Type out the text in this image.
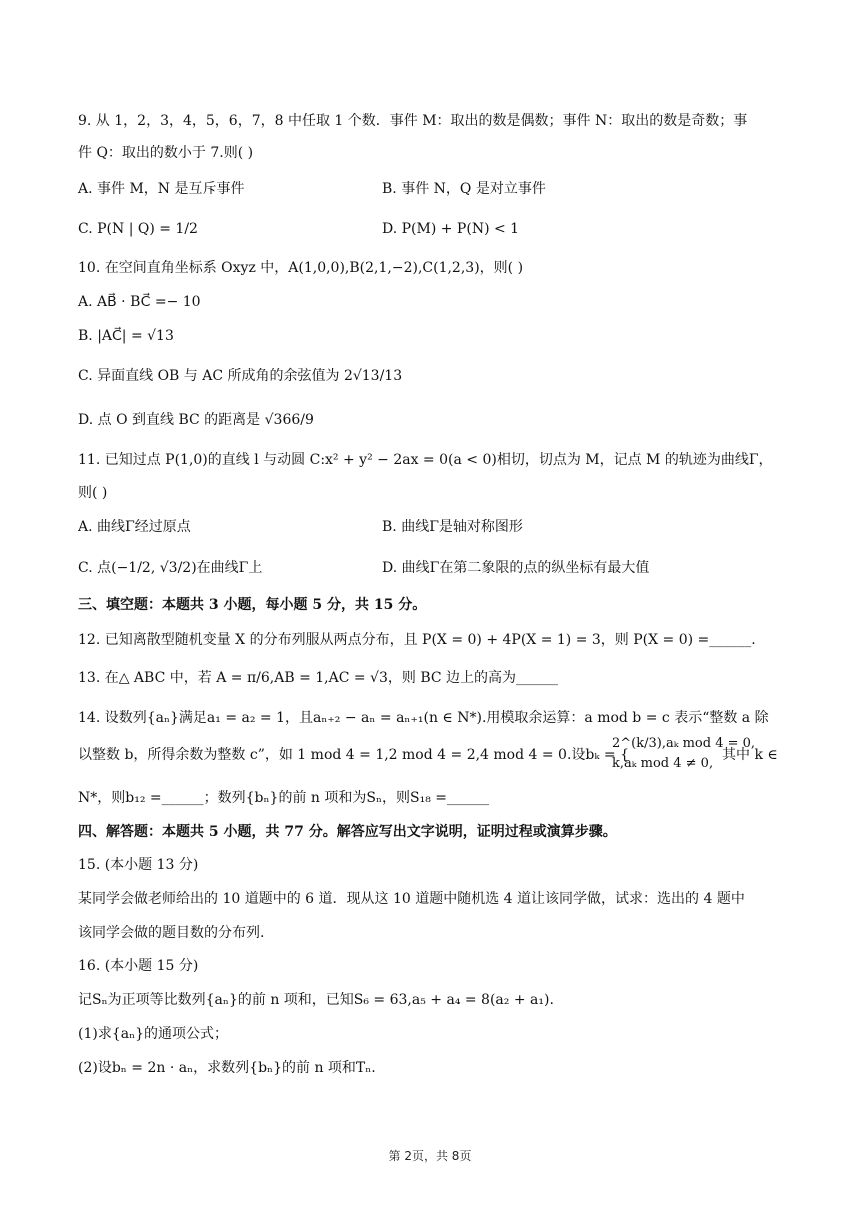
9. 从 1，2，3，4，5，6，7，8 中任取 1 个数．事件 M：取出的数是偶数；事件 N：取出的数是奇数；事
件 Q：取出的数小于 7.则( )
A. 事件 M，N 是互斥事件	B. 事件 N，Q 是对立事件
C. P(N | Q) = 1/2	D. P(M) + P(N) < 1
10. 在空间直角坐标系 Oxyz 中，A(1,0,0),B(2,1,−2),C(1,2,3)，则( )
A. AB⃗ · BC⃗ =− 10
B. |AC⃗| = √13
C. 异面直线 OB 与 AC 所成角的余弦值为 2√13/13
D. 点 O 到直线 BC 的距离是 √366/9
11. 已知过点 P(1,0)的直线 l 与动圆 C:x² + y² − 2ax = 0(a < 0)相切，切点为 M，记点 M 的轨迹为曲线Γ，
则( )
A. 曲线Γ经过原点	B. 曲线Γ是轴对称图形
C. 点(−1/2, √3/2)在曲线Γ上	D. 曲线Γ在第二象限的点的纵坐标有最大值
三、填空题：本题共 3 小题，每小题 5 分，共 15 分。
12. 已知离散型随机变量 X 的分布列服从两点分布，且 P(X = 0) + 4P(X = 1) = 3，则 P(X = 0) =______.
13. 在△ ABC 中，若 A = π/6,AB = 1,AC = √3，则 BC 边上的高为______
14. 设数列{aₙ}满足a₁ = a₂ = 1，且aₙ₊₂ − aₙ = aₙ₊₁(n ∈ N*).用模取余运算：a mod b = c 表示“整数 a 除
以整数 b，所得余数为整数 c”，如 1 mod 4 = 1,2 mod 4 = 2,4 mod 4 = 0.设bₖ = {
2^(k/3),aₖ mod 4 = 0,
k,aₖ mod 4 ≠ 0,
其中 k ∈
N*，则b₁₂ =______；数列{bₙ}的前 n 项和为Sₙ，则S₁₈ =______
四、解答题：本题共 5 小题，共 77 分。解答应写出文字说明，证明过程或演算步骤。
15. (本小题 13 分)
某同学会做老师给出的 10 道题中的 6 道．现从这 10 道题中随机选 4 道让该同学做，试求：选出的 4 题中
该同学会做的题目数的分布列.
16. (本小题 15 分)
记Sₙ为正项等比数列{aₙ}的前 n 项和，已知S₆ = 63,a₅ + a₄ = 8(a₂ + a₁).
(1)求{aₙ}的通项公式；
(2)设bₙ = 2n · aₙ，求数列{bₙ}的前 n 项和Tₙ.
第 2页，共 8页
